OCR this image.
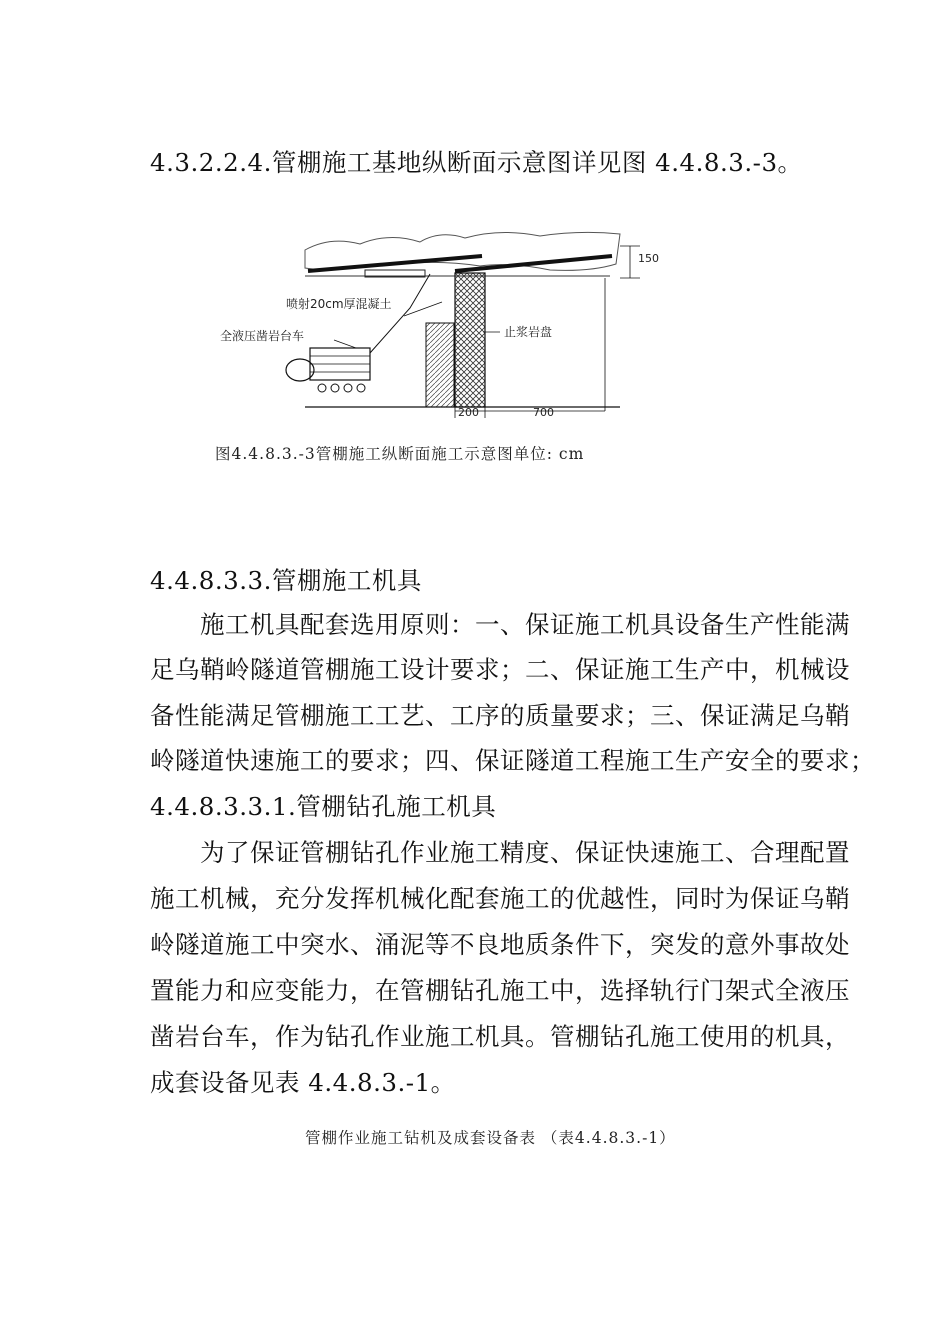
4.3.2.2.4.管棚施工基地纵断面示意图详见图 4.4.8.3.-3。
150
200	700
喷射20cm厚混凝土
全液压凿岩台车	止浆岩盘
图4.4.8.3.-3管棚施工纵断面施工示意图单位: cm
4.4.8.3.3.管棚施工机具
施工机具配套选用原则：一、保证施工机具设备生产性能满
足乌鞘岭隧道管棚施工设计要求；二、保证施工生产中，机械设
备性能满足管棚施工工艺、工序的质量要求；三、保证满足乌鞘
岭隧道快速施工的要求；四、保证隧道工程施工生产安全的要求；
4.4.8.3.3.1.管棚钻孔施工机具
为了保证管棚钻孔作业施工精度、保证快速施工、合理配置
施工机械，充分发挥机械化配套施工的优越性，同时为保证乌鞘
岭隧道施工中突水、涌泥等不良地质条件下，突发的意外事故处
置能力和应变能力，在管棚钻孔施工中，选择轨行门架式全液压
凿岩台车，作为钻孔作业施工机具。管棚钻孔施工使用的机具，
成套设备见表 4.4.8.3.-1。
管棚作业施工钻机及成套设备表 （表4.4.8.3.-1）
